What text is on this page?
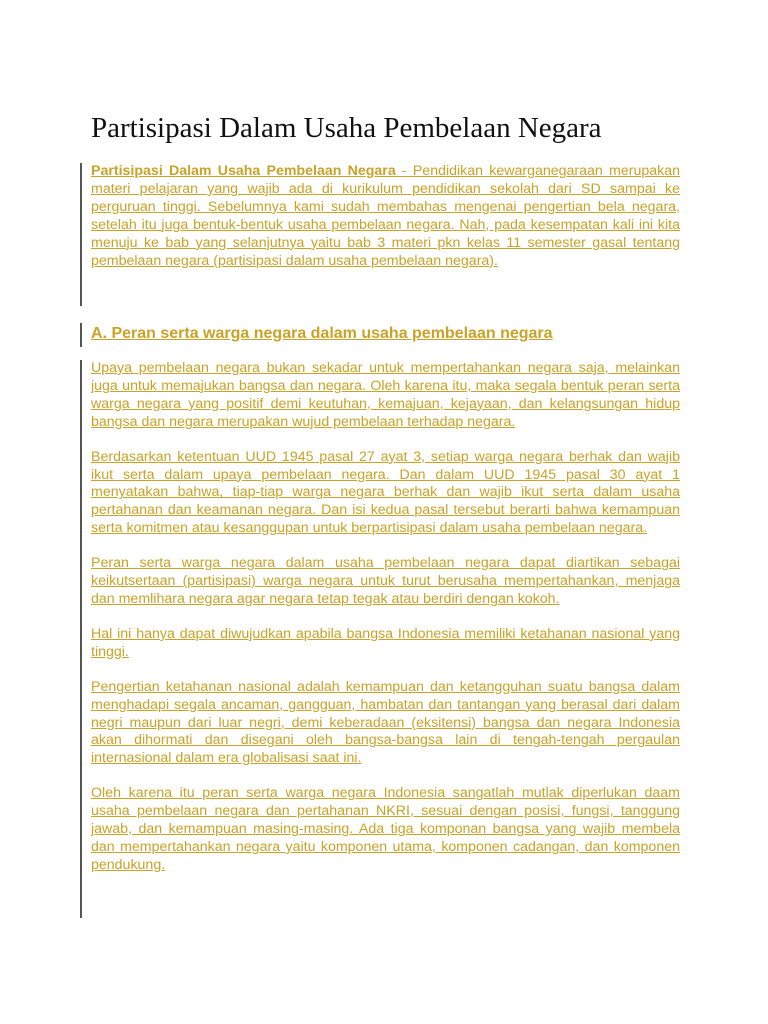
Partisipasi Dalam Usaha Pembelaan Negara

Partisipasi Dalam Usaha Pembelaan Negara - Pendidikan kewarganegaraan merupakan materi pelajaran yang wajib ada di kurikulum pendidikan sekolah dari SD sampai ke perguruan tinggi. Sebelumnya kami sudah membahas mengenai pengertian bela negara, setelah itu juga bentuk-bentuk usaha pembelaan negara. Nah, pada kesempatan kali ini kita menuju ke bab yang selanjutnya yaitu bab 3 materi pkn kelas 11 semester gasal tentang pembelaan negara (partisipasi dalam usaha pembelaan negara).

A. Peran serta warga negara dalam usaha pembelaan negara

Upaya pembelaan negara bukan sekadar untuk mempertahankan negara saja, melainkan juga untuk memajukan bangsa dan negara. Oleh karena itu, maka segala bentuk peran serta warga negara yang positif demi keutuhan, kemajuan, kejayaan, dan kelangsungan hidup bangsa dan negara merupakan wujud pembelaan terhadap negara.

Berdasarkan ketentuan UUD 1945 pasal 27 ayat 3, setiap warga negara berhak dan wajib ikut serta dalam upaya pembelaan negara. Dan dalam UUD 1945 pasal 30 ayat 1 menyatakan bahwa, tiap-tiap warga negara berhak dan wajib ikut serta dalam usaha pertahanan dan keamanan negara. Dan isi kedua pasal tersebut berarti bahwa kemampuan serta komitmen atau kesanggupan untuk berpartisipasi dalam usaha pembelaan negara.

Peran serta warga negara dalam usaha pembelaan negara dapat diartikan sebagai keikutsertaan (partisipasi) warga negara untuk turut berusaha mempertahankan, menjaga dan memlihara negara agar negara tetap tegak atau berdiri dengan kokoh.

Hal ini hanya dapat diwujudkan apabila bangsa Indonesia memiliki ketahanan nasional yang tinggi.

Pengertian ketahanan nasional adalah kemampuan dan ketangguhan suatu bangsa dalam menghadapi segala ancaman, gangguan, hambatan dan tantangan yang berasal dari dalam negri maupun dari luar negri, demi keberadaan (eksitensi) bangsa dan negara Indonesia akan dihormati dan disegani oleh bangsa-bangsa lain di tengah-tengah pergaulan internasional dalam era globalisasi saat ini.

Oleh karena itu peran serta warga negara Indonesia sangatlah mutlak diperlukan daam usaha pembelaan negara dan pertahanan NKRI, sesuai dengan posisi, fungsi, tanggung jawab, dan kemampuan masing-masing. Ada tiga komponan bangsa yang wajib membela dan mempertahankan negara yaitu komponen utama, komponen cadangan, dan komponen pendukung.
